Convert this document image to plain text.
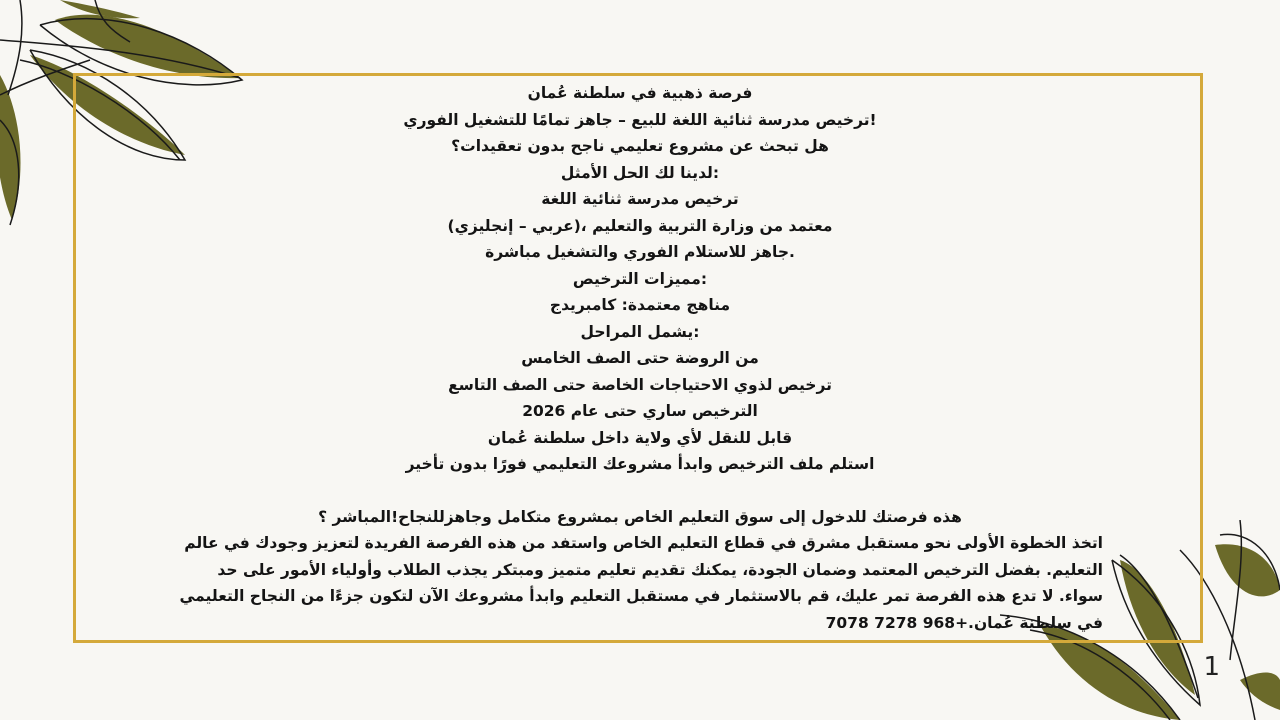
فرصة ذهبية في سلطنة عُمان
!ترخيص مدرسة ثنائية اللغة للبيع – جاهز تمامًا للتشغيل الفوري
هل تبحث عن مشروع تعليمي ناجح بدون تعقيدات؟
:لدينا لك الحل الأمثل
ترخيص مدرسة ثنائية اللغة
معتمد من وزارة التربية والتعليم ،(عربي – إنجليزي)
.جاهز للاستلام الفوري والتشغيل مباشرة
:مميزات الترخيص
مناهج معتمدة: كامبريدج
:يشمل المراحل
من الروضة حتى الصف الخامس
ترخيص لذوي الاحتياجات الخاصة حتى الصف التاسع
الترخيص ساري حتى عام 2026
قابل للنقل لأي ولاية داخل سلطنة عُمان
استلم ملف الترخيص وابدأ مشروعك التعليمي فورًا بدون تأخير
هذه فرصتك للدخول إلى سوق التعليم الخاص بمشروع متكامل وجاهزللنجاح!المباشر ؟
اتخذ الخطوة الأولى نحو مستقبل مشرق في قطاع التعليم الخاص واستفد من هذه الفرصة الفريدة لتعزيز وجودك في عالم التعليم. بفضل الترخيص المعتمد وضمان الجودة، يمكنك تقديم تعليم متميز ومبتكر يجذب الطلاب وأولياء الأمور على حد سواء. لا تدع هذه الفرصة تمر عليك، قم بالاستثمار في مستقبل التعليم وابدأ مشروعك الآن لتكون جزءًا من النجاح التعليمي في سلطنة عُمان.+968 7278 7078
1
